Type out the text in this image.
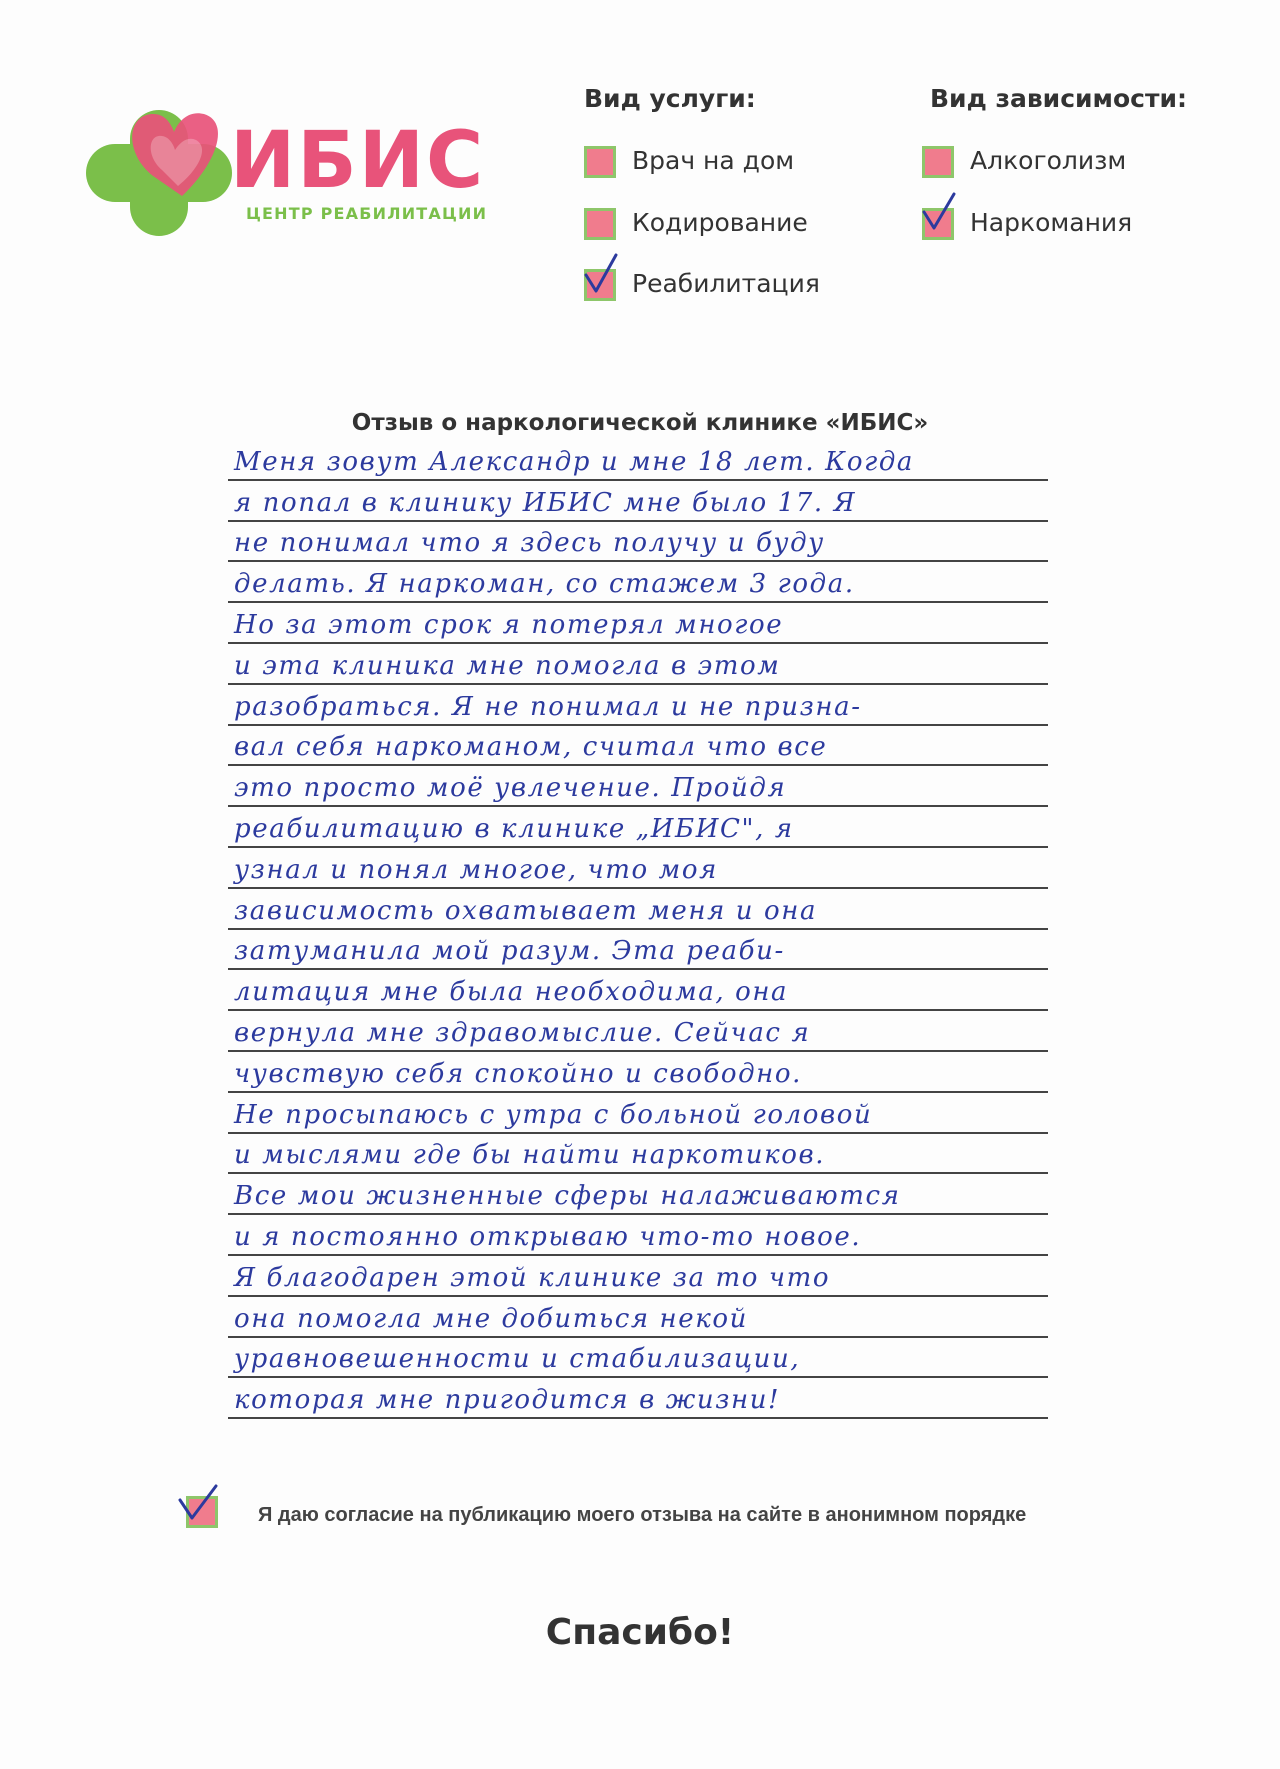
ИБИС
ЦЕНТР РЕАБИЛИТАЦИИ
Вид услуги:
Врач на дом
Кодирование
Реабилитация
Вид зависимости:
Алкоголизм
Наркомания
Отзыв о наркологической клинике «ИБИС»
Меня зовут Александр и мне 18 лет. Когда
я попал в клинику ИБИС мне было 17. Я
не понимал что я здесь получу и буду
делать. Я наркоман, со стажем 3 года.
Но за этот срок я потерял многое
и эта клиника мне помогла в этом
разобраться. Я не понимал и не призна-
вал себя наркоманом, считал что все
это просто моё увлечение. Пройдя
реабилитацию в клинике „ИБИС", я
узнал и понял многое, что моя
зависимость охватывает меня и она
затуманила мой разум. Эта реаби-
литация мне была необходима, она
вернула мне здравомыслие. Сейчас я
чувствую себя спокойно и свободно.
Не просыпаюсь с утра с больной головой
и мыслями где бы найти наркотиков.
Все мои жизненные сферы налаживаются
и я постоянно открываю что-то новое.
Я благодарен этой клинике за то что
она помогла мне добиться некой
уравновешенности и стабилизации,
которая мне пригодится в жизни!
Я даю согласие на публикацию моего отзыва на сайте в анонимном порядке
Спасибо!
